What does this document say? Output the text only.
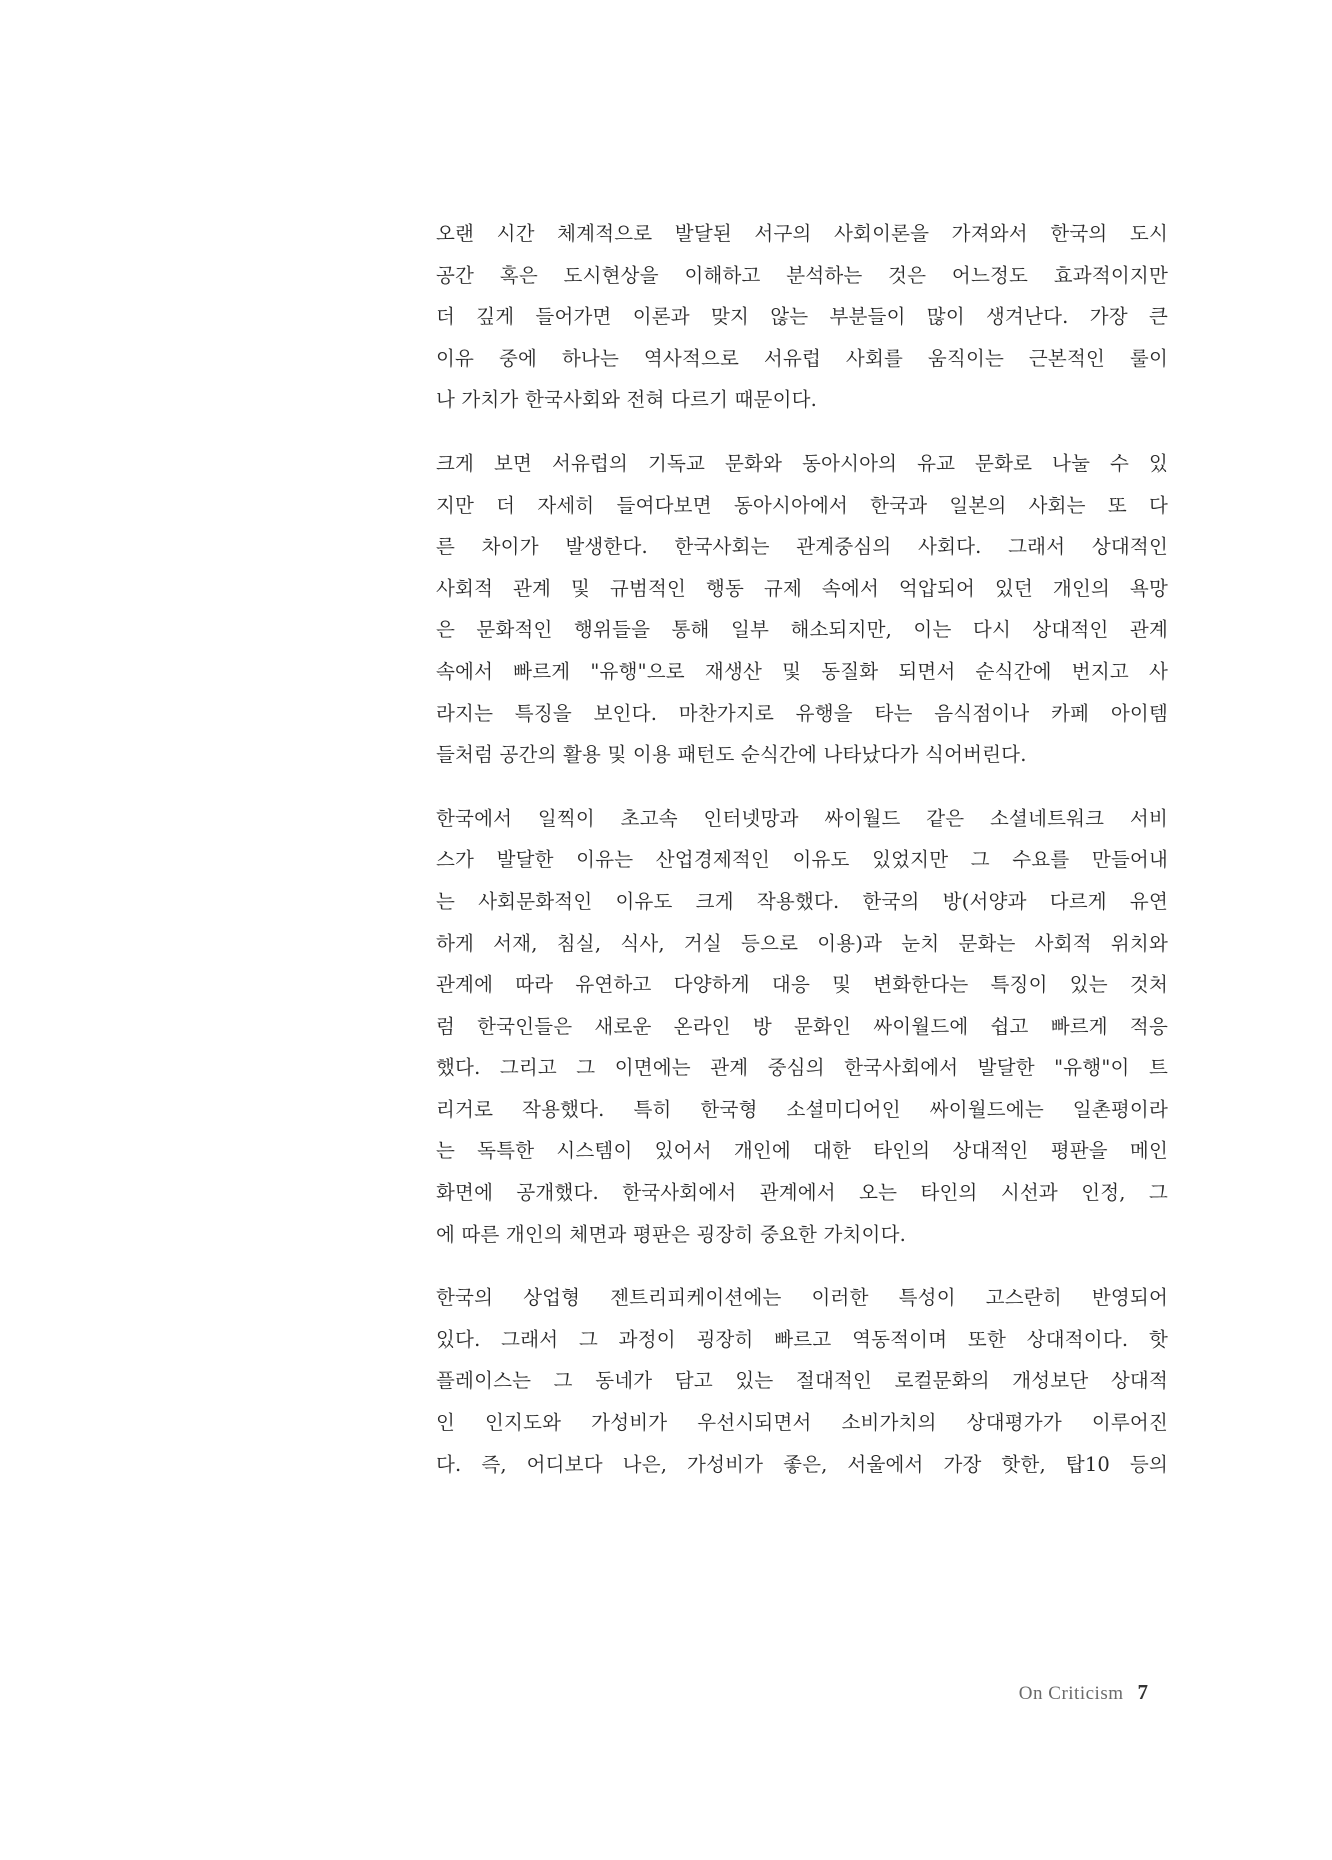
오랜 시간 체계적으로 발달된 서구의 사회이론을 가져와서 한국의 도시
공간 혹은 도시현상을 이해하고 분석하는 것은 어느정도 효과적이지만
더 깊게 들어가면 이론과 맞지 않는 부분들이 많이 생겨난다. 가장 큰
이유 중에 하나는 역사적으로 서유럽 사회를 움직이는 근본적인 룰이
나 가치가 한국사회와 전혀 다르기 때문이다.
크게 보면 서유럽의 기독교 문화와 동아시아의 유교 문화로 나눌 수 있
지만 더 자세히 들여다보면 동아시아에서 한국과 일본의 사회는 또 다
른 차이가 발생한다. 한국사회는 관계중심의 사회다. 그래서 상대적인
사회적 관계 및 규범적인 행동 규제 속에서 억압되어 있던 개인의 욕망
은 문화적인 행위들을 통해 일부 해소되지만, 이는 다시 상대적인 관계
속에서 빠르게 "유행"으로 재생산 및 동질화 되면서 순식간에 번지고 사
라지는 특징을 보인다. 마찬가지로 유행을 타는 음식점이나 카페 아이템
들처럼 공간의 활용 및 이용 패턴도 순식간에 나타났다가 식어버린다.
한국에서 일찍이 초고속 인터넷망과 싸이월드 같은 소셜네트워크 서비
스가 발달한 이유는 산업경제적인 이유도 있었지만 그 수요를 만들어내
는 사회문화적인 이유도 크게 작용했다. 한국의 방(서양과 다르게 유연
하게 서재, 침실, 식사, 거실 등으로 이용)과 눈치 문화는 사회적 위치와
관계에 따라 유연하고 다양하게 대응 및 변화한다는 특징이 있는 것처
럼 한국인들은 새로운 온라인 방 문화인 싸이월드에 쉽고 빠르게 적응
했다. 그리고 그 이면에는 관계 중심의 한국사회에서 발달한 "유행"이 트
리거로 작용했다. 특히 한국형 소셜미디어인 싸이월드에는 일촌평이라
는 독특한 시스템이 있어서 개인에 대한 타인의 상대적인 평판을 메인
화면에 공개했다. 한국사회에서 관계에서 오는 타인의 시선과 인정, 그
에 따른 개인의 체면과 평판은 굉장히 중요한 가치이다.
한국의 상업형 젠트리피케이션에는 이러한 특성이 고스란히 반영되어
있다. 그래서 그 과정이 굉장히 빠르고 역동적이며 또한 상대적이다. 핫
플레이스는 그 동네가 담고 있는 절대적인 로컬문화의 개성보단 상대적
인 인지도와 가성비가 우선시되면서 소비가치의 상대평가가 이루어진
다. 즉, 어디보다 나은, 가성비가 좋은, 서울에서 가장 핫한, 탑10 등의
On Criticism 7
